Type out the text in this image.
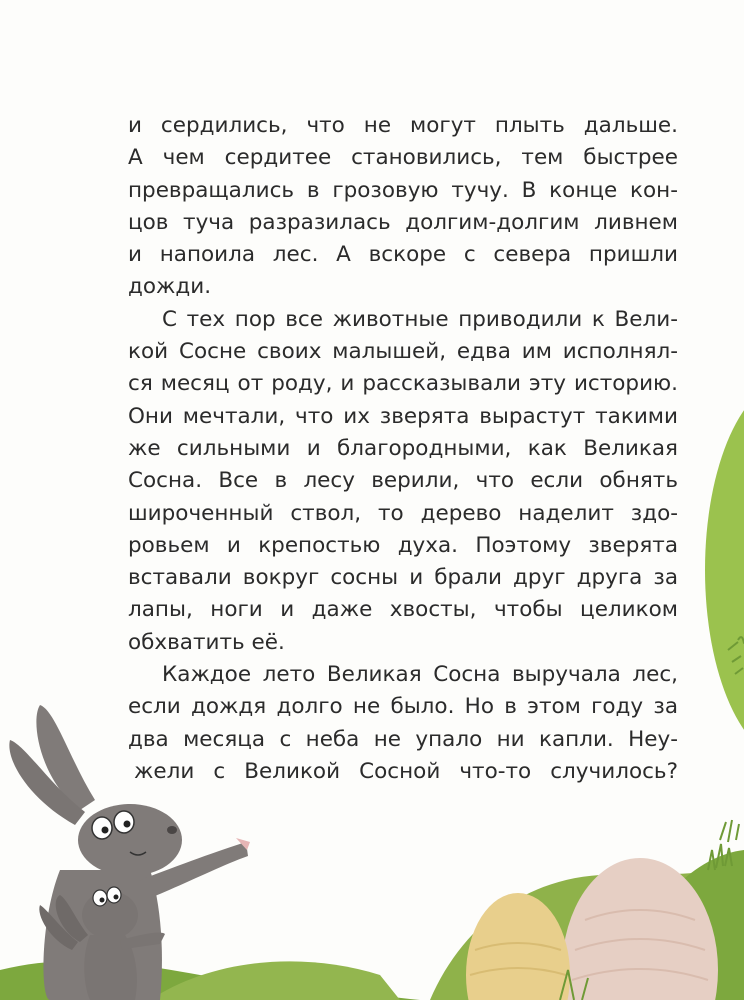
и сердились, что не могут плыть дальше.
А чем сердитее становились, тем быстрее
превращались в грозовую тучу. В конце кон-
цов туча разразилась долгим-долгим ливнем
и напоила лес. А вскоре с севера пришли
дожди.
С тех пор все животные приводили к Вели-
кой Сосне своих малышей, едва им исполнял-
ся месяц от роду, и рассказывали эту историю.
Они мечтали, что их зверята вырастут такими
же сильными и благородными, как Великая
Сосна. Все в лесу верили, что если обнять
широченный ствол, то дерево наделит здо-
ровьем и крепостью духа. Поэтому зверята
вставали вокруг сосны и брали друг друга за
лапы, ноги и даже хвосты, чтобы целиком
обхватить её.
Каждое лето Великая Сосна выручала лес,
если дождя долго не было. Но в этом году за
два месяца с неба не упало ни капли. Неу-
жели с Великой Сосной что-то случилось?
